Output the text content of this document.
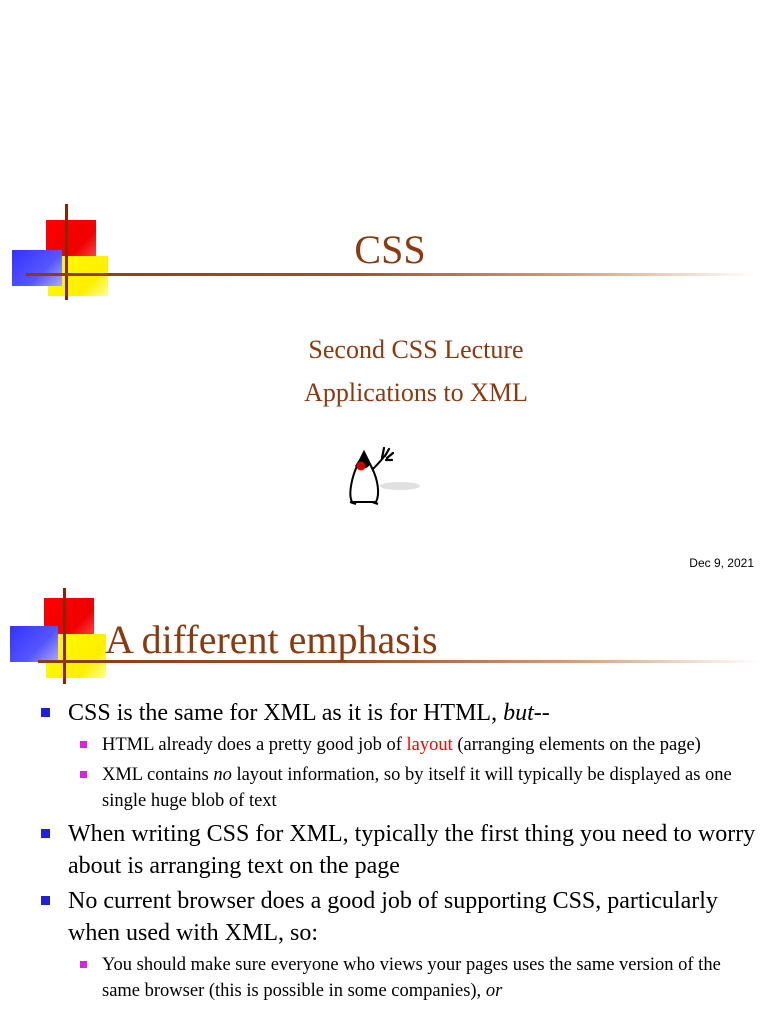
CSS
Second CSS Lecture
Applications to XML
Dec 9, 2021
A different emphasis
CSS is the same for XML as it is for HTML, but--
HTML already does a pretty good job of layout (arranging elements on the page)
XML contains no layout information, so by itself it will typically be displayed as one single huge blob of text
When writing CSS for XML, typically the first thing you need to worry about is arranging text on the page
No current browser does a good job of supporting CSS, particularly when used with XML, so:
You should make sure everyone who views your pages uses the same version of the same browser (this is possible in some companies), or
